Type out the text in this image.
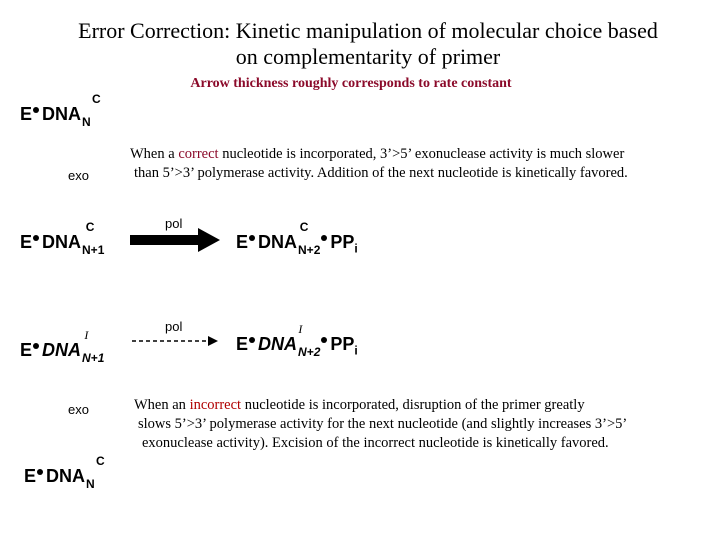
Error Correction: Kinetic manipulation of molecular choice based
on complementarity of primer
Arrow thickness roughly corresponds to rate constant
E DNA
C
$_N$
exo
When a correct nucleotide is incorporated, 3’>5’ exonuclease activity is much slower
than 5’>3’ polymerase activity. Addition of the next nucleotide is kinetically favored.
E DNA
C
$_{N+1}$
pol
E DNA
C
$_{N+2}$ $PP_i$
E DNA
I
$_{N+1}$
pol
E DNA
I
$_{N+2}$ $PP_i$
exo	When an incorrect nucleotide is incorporated, disruption of the primer greatly
slows 5’>3’ polymerase activity for the next nucleotide (and slightly increases 3’>5’
exonuclease activity). Excision of the incorrect nucleotide is kinetically favored.
E DNA
C
$_N$
